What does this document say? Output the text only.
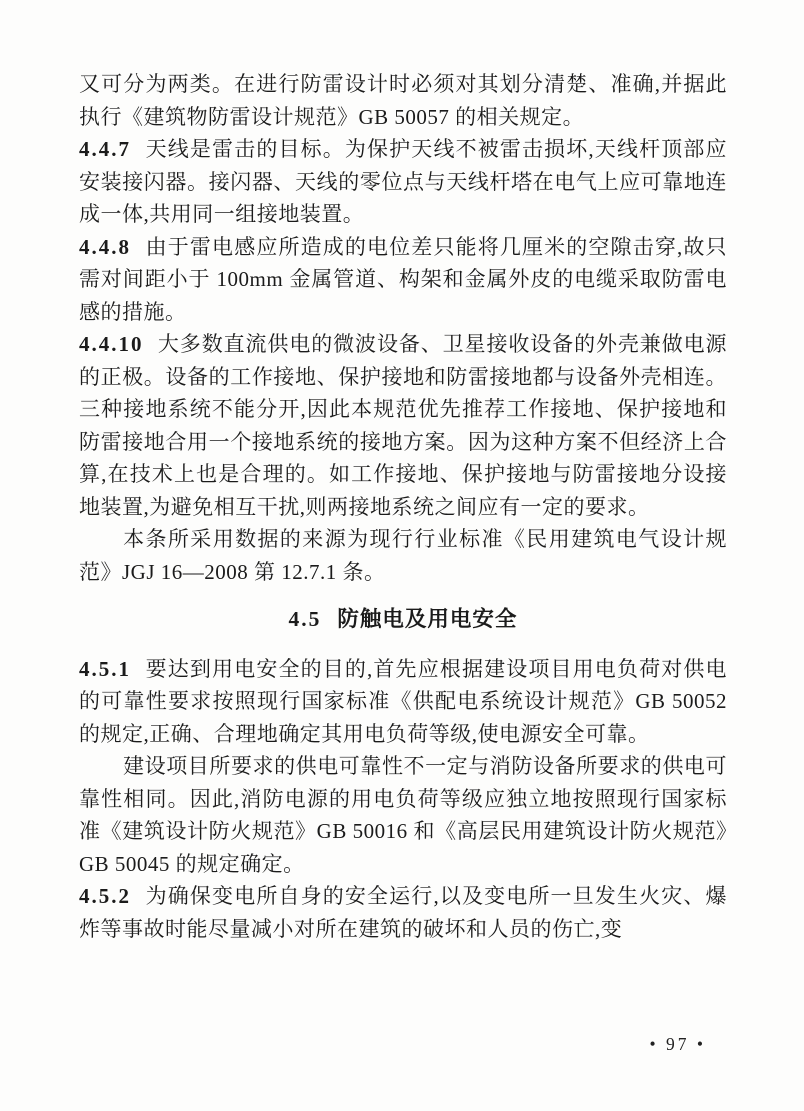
又可分为两类。在进行防雷设计时必须对其划分清楚、准确,并据此执行《建筑物防雷设计规范》GB 50057 的相关规定。

4.4.7 天线是雷击的目标。为保护天线不被雷击损坏,天线杆顶部应安装接闪器。接闪器、天线的零位点与天线杆塔在电气上应可靠地连成一体,共用同一组接地装置。

4.4.8 由于雷电感应所造成的电位差只能将几厘米的空隙击穿,故只需对间距小于 100mm 金属管道、构架和金属外皮的电缆采取防雷电感的措施。

4.4.10 大多数直流供电的微波设备、卫星接收设备的外壳兼做电源的正极。设备的工作接地、保护接地和防雷接地都与设备外壳相连。三种接地系统不能分开,因此本规范优先推荐工作接地、保护接地和防雷接地合用一个接地系统的接地方案。因为这种方案不但经济上合算,在技术上也是合理的。如工作接地、保护接地与防雷接地分设接地装置,为避免相互干扰,则两接地系统之间应有一定的要求。

本条所采用数据的来源为现行行业标准《民用建筑电气设计规范》JGJ 16—2008 第 12.7.1 条。

4.5 防触电及用电安全

4.5.1 要达到用电安全的目的,首先应根据建设项目用电负荷对供电的可靠性要求按照现行国家标准《供配电系统设计规范》GB 50052 的规定,正确、合理地确定其用电负荷等级,使电源安全可靠。

建设项目所要求的供电可靠性不一定与消防设备所要求的供电可靠性相同。因此,消防电源的用电负荷等级应独立地按照现行国家标准《建筑设计防火规范》GB 50016 和《高层民用建筑设计防火规范》GB 50045 的规定确定。

4.5.2 为确保变电所自身的安全运行,以及变电所一旦发生火灾、爆炸等事故时能尽量减小对所在建筑的破坏和人员的伤亡,变

• 97 •
